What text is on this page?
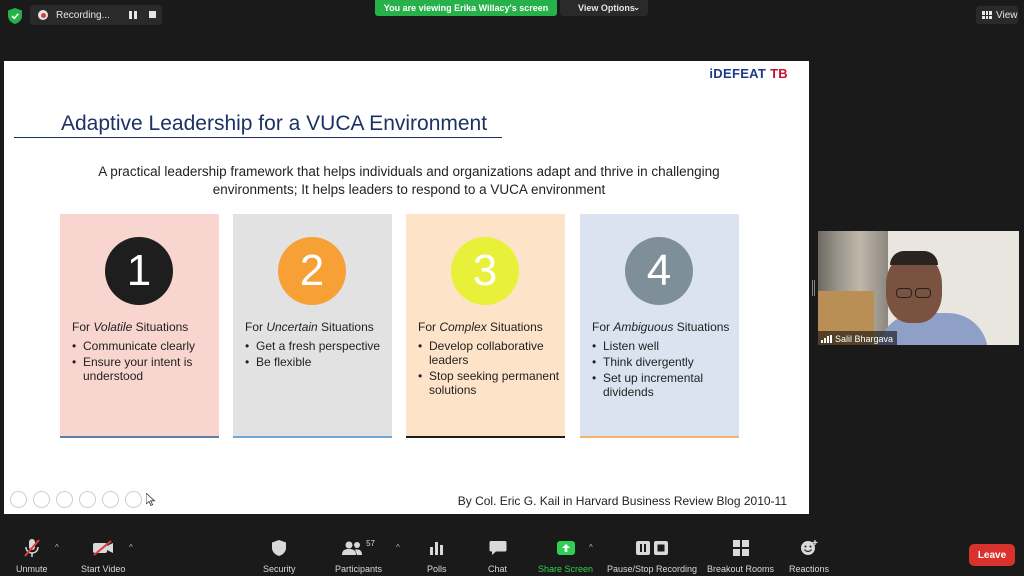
Recording...
You are viewing Erika Willacy's screen	View Options
⌄
View
iDEFEAT TB
Adaptive Leadership for a VUCA Environment
A practical leadership framework that helps individuals and organizations adapt and thrive in challenging environments; It helps leaders to respond to a VUCA environment
1
For Volatile Situations
• Communicate clearly
• Ensure your intent is understood
2
For Uncertain Situations
• Get a fresh perspective
• Be flexible
3
For Complex Situations
• Develop collaborative leaders
• Stop seeking permanent solutions
4
For Ambiguous Situations
• Listen well
• Think divergently
• Set up incremental dividends
By Col. Eric G. Kail in Harvard Business Review Blog 2010-11
Salil Bhargava
Unmute
^
Start Video
^
Security
57
Participants
^
Polls	Chat	Share Screen
^
Pause/Stop Recording Breakout Rooms Reactions
Leave
